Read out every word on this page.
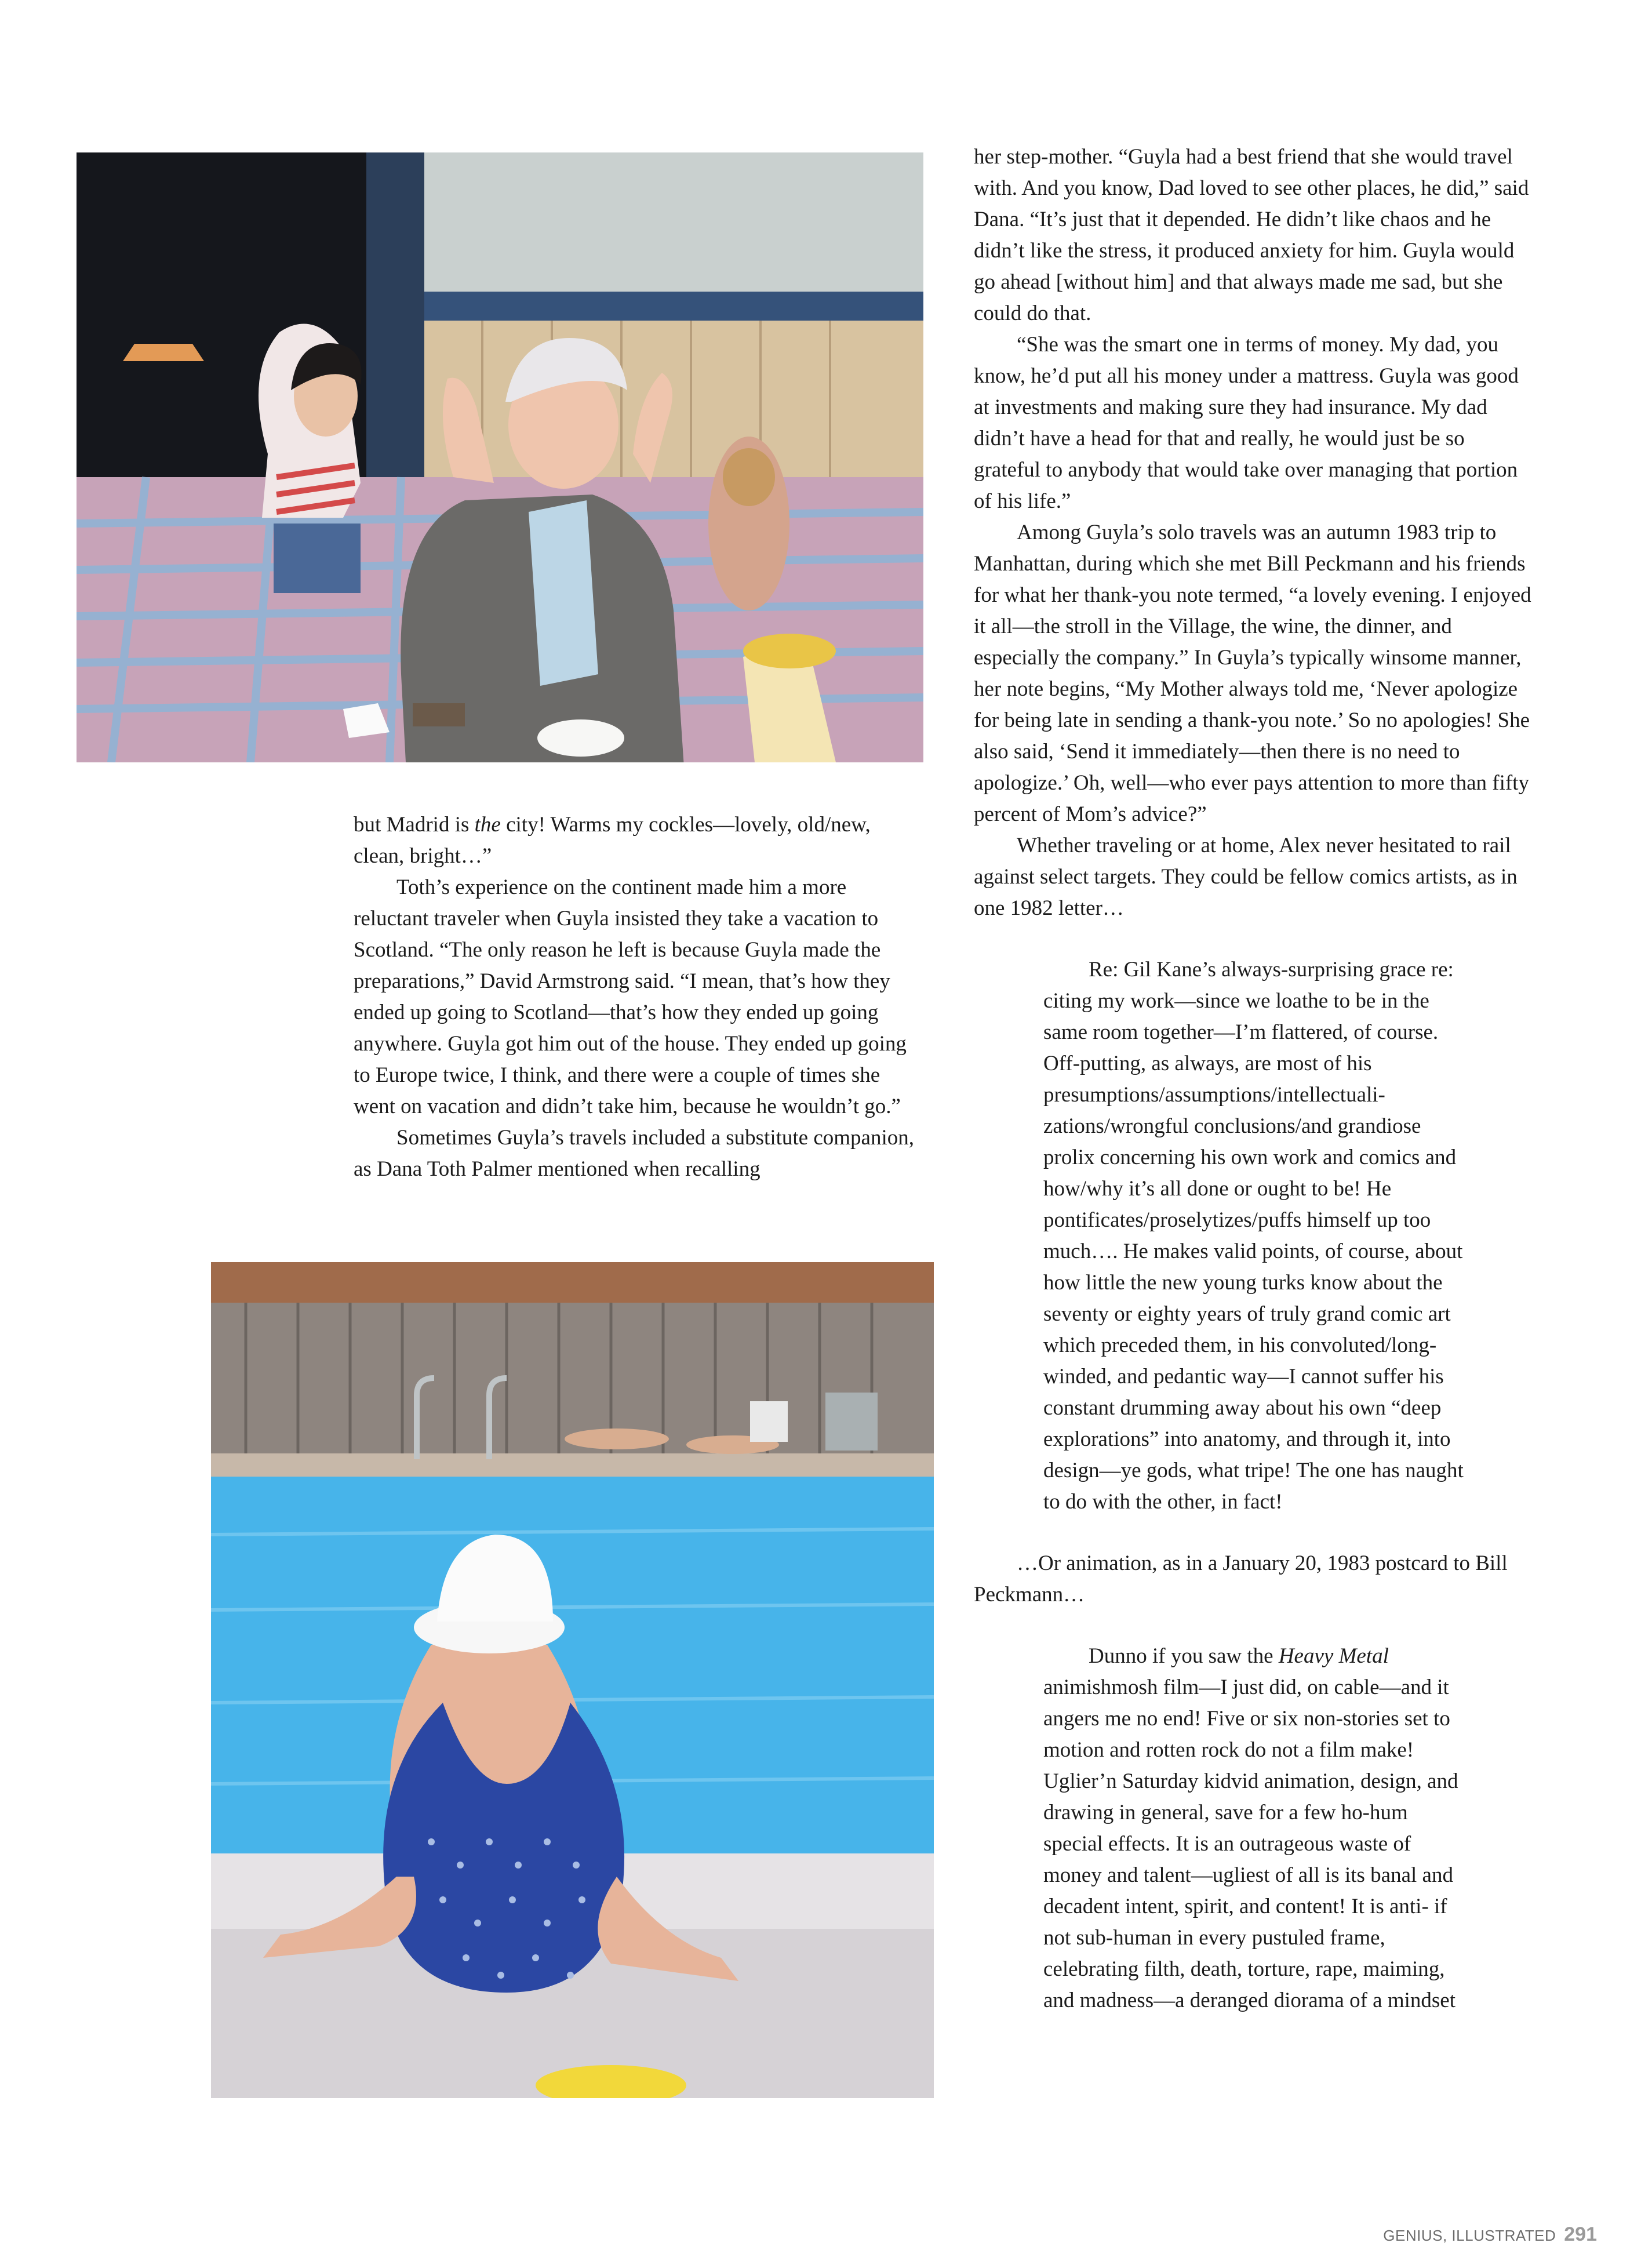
but Madrid is the city! Warms my cockles—lovely, old/new, clean, bright…”

Toth’s experience on the continent made him a more reluctant traveler when Guyla insisted they take a vacation to Scotland. “The only reason he left is because Guyla made the preparations,” David Armstrong said. “I mean, that’s how they ended up going to Scotland—that’s how they ended up going anywhere. Guyla got him out of the house. They ended up going to Europe twice, I think, and there were a couple of times she went on vacation and didn’t take him, because he wouldn’t go.”

Sometimes Guyla’s travels included a substitute companion, as Dana Toth Palmer mentioned when recalling

her step-mother. “Guyla had a best friend that she would travel with. And you know, Dad loved to see other places, he did,” said Dana. “It’s just that it depended. He didn’t like chaos and he didn’t like the stress, it produced anxiety for him. Guyla would go ahead [without him] and that always made me sad, but she could do that.

“She was the smart one in terms of money. My dad, you know, he’d put all his money under a mattress. Guyla was good at investments and making sure they had insurance. My dad didn’t have a head for that and really, he would just be so grateful to anybody that would take over managing that portion of his life.”

Among Guyla’s solo travels was an autumn 1983 trip to Manhattan, during which she met Bill Peckmann and his friends for what her thank-you note termed, “a lovely evening. I enjoyed it all—the stroll in the Village, the wine, the dinner, and especially the company.” In Guyla’s typically winsome manner, her note begins, “My Mother always told me, ‘Never apologize for being late in sending a thank-you note.’ So no apologies! She also said, ‘Send it immediately—then there is no need to apologize.’ Oh, well—who ever pays attention to more than fifty percent of Mom’s advice?”

Whether traveling or at home, Alex never hesitated to rail against select targets. They could be fellow comics artists, as in one 1982 letter…

Re: Gil Kane’s always-surprising grace re: citing my work—since we loathe to be in the same room together—I’m flattered, of course. Off-putting, as always, are most of his presumptions/assumptions/intellectualizations/wrongful conclusions/and grandiose prolix concerning his own work and comics and how/why it’s all done or ought to be! He pontificates/proselytizes/puffs himself up too much…. He makes valid points, of course, about how little the new young turks know about the seventy or eighty years of truly grand comic art which preceded them, in his convoluted/long-winded, and pedantic way—I cannot suffer his constant drumming away about his own “deep explorations” into anatomy, and through it, into design—ye gods, what tripe! The one has naught to do with the other, in fact!

…Or animation, as in a January 20, 1983 postcard to Bill Peckmann…

Dunno if you saw the Heavy Metal animishmosh film—I just did, on cable—and it angers me no end! Five or six non-stories set to motion and rotten rock do not a film make! Uglier’n Saturday kidvid animation, design, and drawing in general, save for a few ho-hum special effects. It is an outrageous waste of money and talent—ugliest of all is its banal and decadent intent, spirit, and content! It is anti- if not sub-human in every pustuled frame, celebrating filth, death, torture, rape, maiming, and madness—a deranged diorama of a mindset

GENIUS, ILLUSTRATED 291
